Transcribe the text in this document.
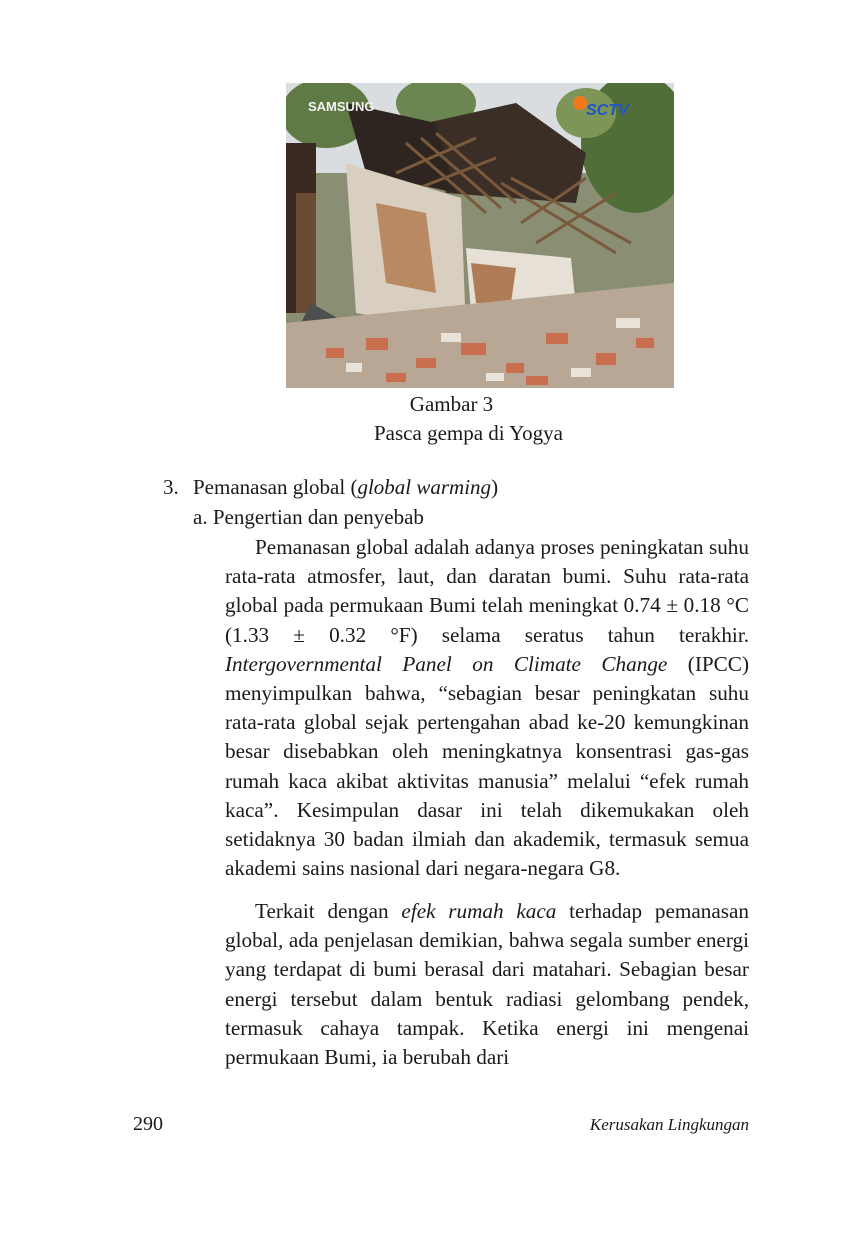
SAMSUNG	SCTV
Gambar 3
Pasca gempa di Yogya
3. Pemanasan global (global warming)
a. Pengertian dan penyebab

Pemanasan global adalah adanya proses peningkatan suhu rata-rata atmosfer, laut, dan daratan bumi. Suhu rata-rata global pada permukaan Bumi telah meningkat 0.74 ± 0.18 °C (1.33 ± 0.32 °F) selama seratus tahun terakhir. Intergovernmental Panel on Climate Change (IPCC) menyimpulkan bahwa, “sebagian besar peningkatan suhu rata-rata global sejak pertengahan abad ke-20 kemungkinan besar disebabkan oleh meningkatnya konsentrasi gas-gas rumah kaca akibat aktivitas manusia” melalui “efek rumah kaca”. Kesimpulan dasar ini telah dikemukakan oleh setidaknya 30 badan ilmiah dan akademik, termasuk semua akademi sains nasional dari negara-negara G8.

Terkait dengan efek rumah kaca terhadap pemanasan global, ada penjelasan demikian, bahwa segala sumber energi yang terdapat di bumi berasal dari matahari. Sebagian besar energi tersebut dalam bentuk radiasi gelombang pendek, termasuk cahaya tampak. Ketika energi ini mengenai permukaan Bumi, ia berubah dari

290	Kerusakan Lingkungan
